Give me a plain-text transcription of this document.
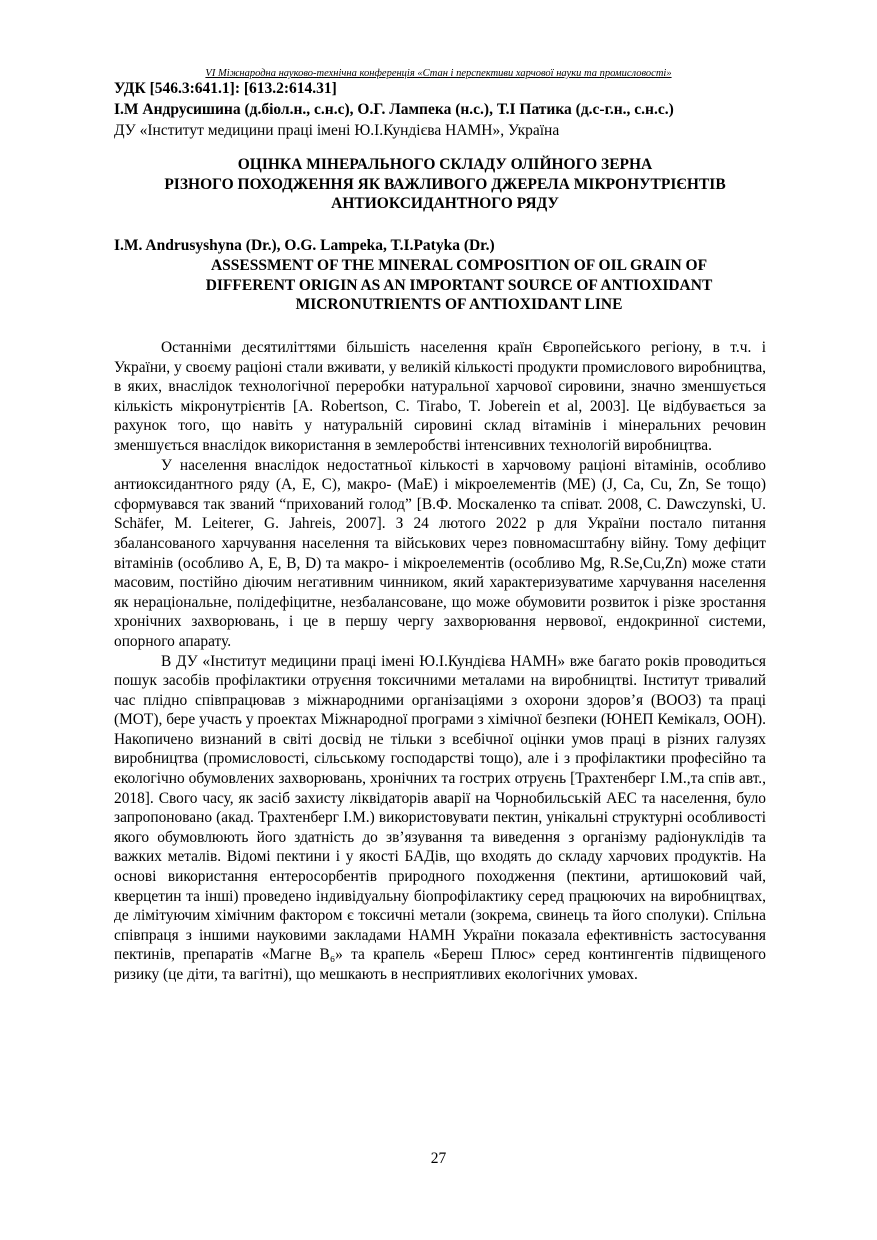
VI Міжнародна науково-технічна конференція «Стан і перспективи харчової науки та промисловості»
УДК [546.3:641.1]: [613.2:614.31]
І.М Андрусишина (д.біол.н., с.н.с), О.Г. Лампека (н.с.), Т.І Патика (д.с-г.н., с.н.с.)
ДУ «Інститут медицини праці імені Ю.І.Кундієва НАМН», Україна
ОЦІНКА МІНЕРАЛЬНОГО СКЛАДУ ОЛІЙНОГО ЗЕРНА
РІЗНОГО ПОХОДЖЕННЯ ЯК ВАЖЛИВОГО ДЖЕРЕЛА МІКРОНУТРІЄНТІВ
АНТИОКСИДАНТНОГО РЯДУ
I.M. Andrusyshyna (Dr.), O.G. Lampeka, T.I.Patyka (Dr.)
ASSESSMENT OF THE MINERAL COMPOSITION OF OIL GRAIN OF
DIFFERENT ORIGIN AS AN IMPORTANT SOURCE OF ANTIOXIDANT
MICRONUTRIENTS OF ANTIOXIDANT LINE

Останніми десятиліттями більшість населення країн Європейського регіону, в т.ч. і України, у своєму раціоні стали вживати, у великій кількості продукти промислового виробництва, в яких, внаслідок технологічної переробки натуральної харчової сировини, значно зменшується кількість мікронутрієнтів [A. Robertson, C. Tirabo, T. Joberein et al, 2003]. Це відбувається за рахунок того, що навіть у натуральній сировині склад вітамінів і мінеральних речовин зменшується внаслідок використання в землеробстві інтенсивних технологій виробництва.

У населення внаслідок недостатньої кількості в харчовому раціоні вітамінів, особливо антиоксидантного ряду (А, Е, С), макро- (МаЕ) і мікроелементів (МЕ) (J, Ca, Cu, Zn, Se тощо) сформувався так званий “прихований голод” [В.Ф. Москаленко та співат. 2008, C. Dawczynski, U. Schäfer, M. Leiterer, G. Jahreis, 2007]. З 24 лютого 2022 р для України постало питання збалансованого харчування населення та військових через повномасштабну війну. Тому дефіцит вітамінів (особливо А, Е, В, D) та макро- і мікроелементів (особливо Mg, R.Se,Cu,Zn) може стати масовим, постійно діючим негативним чинником, який характеризуватиме харчування населення як нераціональне, полідефіцитне, незбалансоване, що може обумовити розвиток і різке зростання хронічних захворювань, і це в першу чергу захворювання нервової, ендокринної системи, опорного апарату.

В ДУ «Інститут медицини праці імені Ю.І.Кундієва НАМН» вже багато років проводиться пошук засобів профілактики отруєння токсичними металами на виробництві. Інститут тривалий час плідно співпрацював з міжнародними організаціями з охорони здоров’я (ВООЗ) та праці (МОТ), бере участь у проектах Міжнародної програми з хімічної безпеки (ЮНЕП Кемікалз, ООН). Накопичено визнаний в світі досвід не тільки з всебічної оцінки умов праці в різних галузях виробництва (промисловості, сільському господарстві тощо), але і з профілактики професійно та екологічно обумовлених захворювань, хронічних та гострих отруєнь [Трахтенберг І.М.,та спів авт., 2018]. Свого часу, як засіб захисту ліквідаторів аварії на Чорнобильській АЕС та населення, було запропоновано (акад. Трахтенберг І.М.) використовувати пектин, унікальні структурні особливості якого обумовлюють його здатність до зв’язування та виведення з організму радіонуклідів та важких металів. Відомі пектини і у якості БАДів, що входять до складу харчових продуктів. На основі використання ентеросорбентів природного походження (пектини, артишоковий чай, кверцетин та інші) проведено індивідуальну біопрофілактику серед працюючих на виробництвах, де лімітуючим хімічним фактором є токсичні метали (зокрема, свинець та його сполуки). Спільна співпраця з іншими науковими закладами НАМН України показала ефективність застосування пектинів, препаратів «Магне В₆» та крапель «Береш Плюс» серед контингентів підвищеного ризику (це діти, та вагітні), що мешкають в несприятливих екологічних умовах.

27
